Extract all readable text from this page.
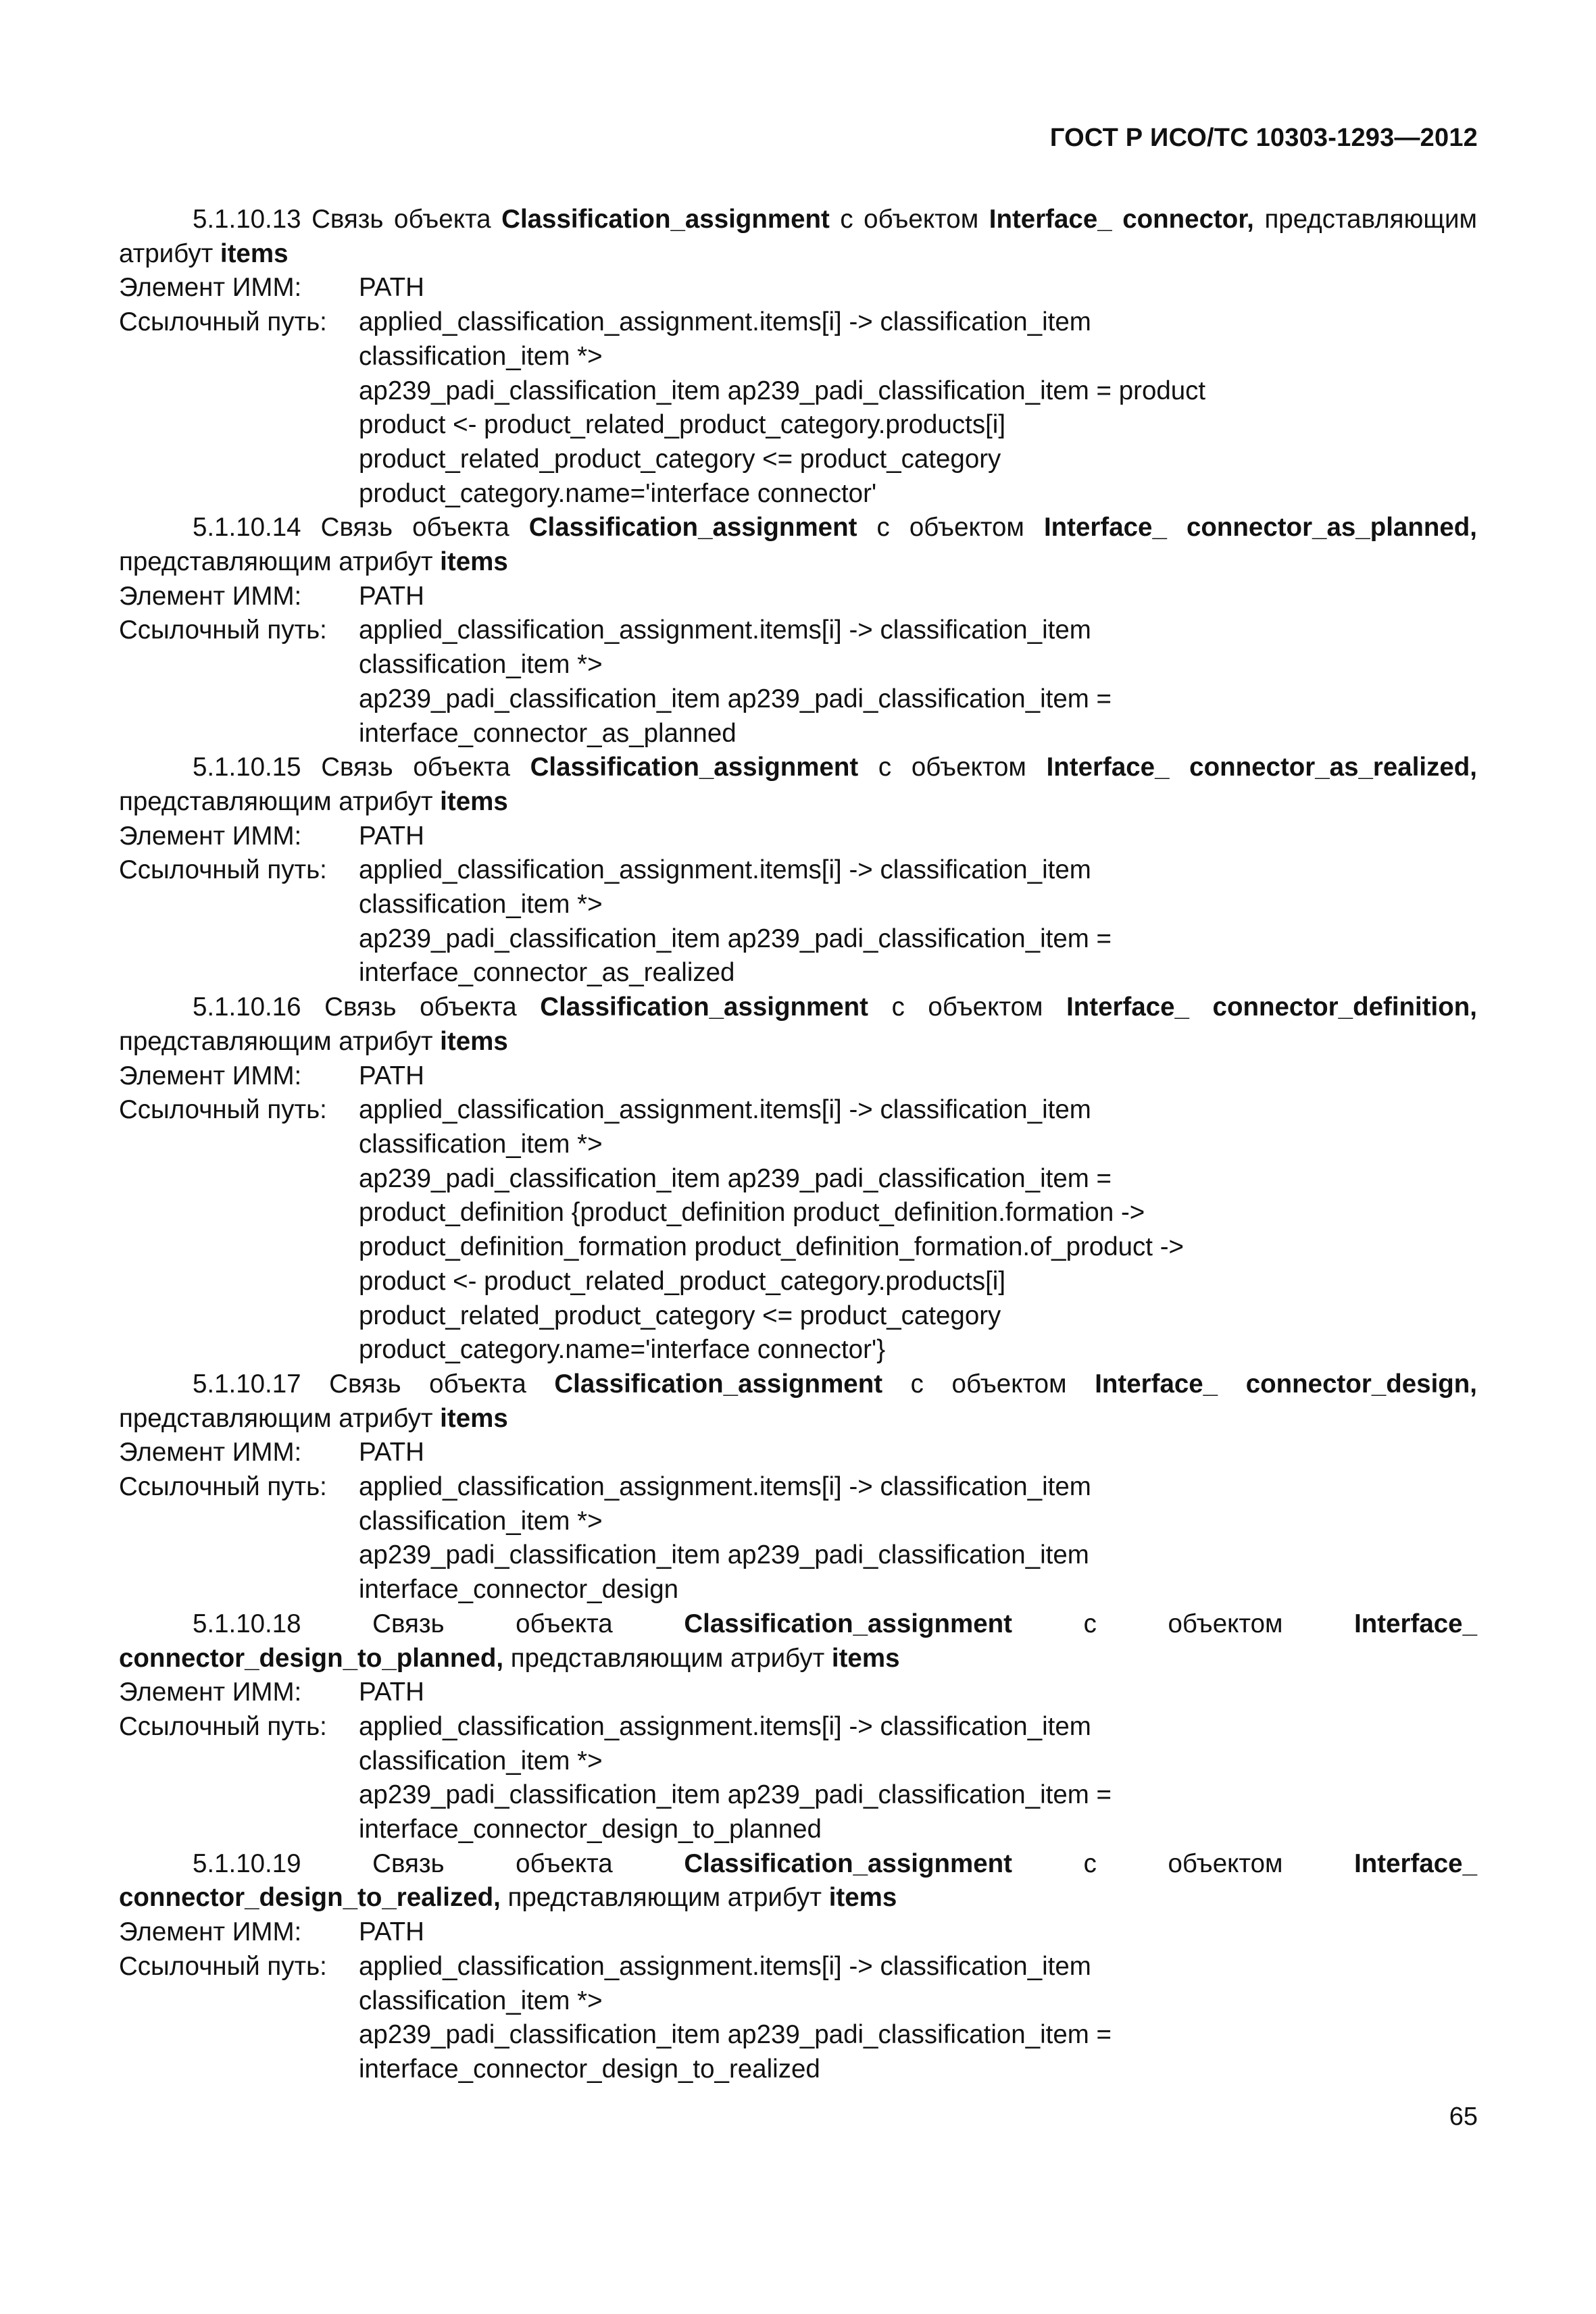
ГОСТ Р ИСО/ТС 10303-1293—2012
5.1.10.13 Связь объекта Classification_assignment с объектом Interface_ connector, представляющим атрибут items
Элемент ИММ:	PATH
Ссылочный путь:	applied_classification_assignment.items[i] -> classification_item
classification_item *>
ap239_padi_classification_item ap239_padi_classification_item = product
product <- product_related_product_category.products[i]
product_related_product_category <= product_category
product_category.name='interface connector'
5.1.10.14 Связь объекта Classification_assignment с объектом Interface_ connector_as_planned, представляющим атрибут items
Элемент ИММ:	PATH
Ссылочный путь:	applied_classification_assignment.items[i] -> classification_item
classification_item *>
ap239_padi_classification_item ap239_padi_classification_item =
interface_connector_as_planned
5.1.10.15 Связь объекта Classification_assignment с объектом Interface_ connector_as_realized, представляющим атрибут items
Элемент ИММ:	PATH
Ссылочный путь:	applied_classification_assignment.items[i] -> classification_item
classification_item *>
ap239_padi_classification_item ap239_padi_classification_item =
interface_connector_as_realized
5.1.10.16 Связь объекта Classification_assignment с объектом Interface_ connector_definition, представляющим атрибут items
Элемент ИММ:	PATH
Ссылочный путь:	applied_classification_assignment.items[i] -> classification_item
classification_item *>
ap239_padi_classification_item ap239_padi_classification_item =
product_definition {product_definition product_definition.formation ->
product_definition_formation product_definition_formation.of_product ->
product <- product_related_product_category.products[i]
product_related_product_category <= product_category
product_category.name='interface connector'}
5.1.10.17 Связь объекта Classification_assignment с объектом Interface_ connector_design, представляющим атрибут items
Элемент ИММ:	PATH
Ссылочный путь:	applied_classification_assignment.items[i] -> classification_item
classification_item *>
ap239_padi_classification_item ap239_padi_classification_item
interface_connector_design
5.1.10.18 Связь объекта Classification_assignment с объектом Interface_ connector_design_to_planned, представляющим атрибут items
Элемент ИММ:	PATH
Ссылочный путь:	applied_classification_assignment.items[i] -> classification_item
classification_item *>
ap239_padi_classification_item ap239_padi_classification_item =
interface_connector_design_to_planned
5.1.10.19 Связь объекта Classification_assignment с объектом Interface_ connector_design_to_realized, представляющим атрибут items
Элемент ИММ:	PATH
Ссылочный путь:	applied_classification_assignment.items[i] -> classification_item
classification_item *>
ap239_padi_classification_item ap239_padi_classification_item =
interface_connector_design_to_realized
65
